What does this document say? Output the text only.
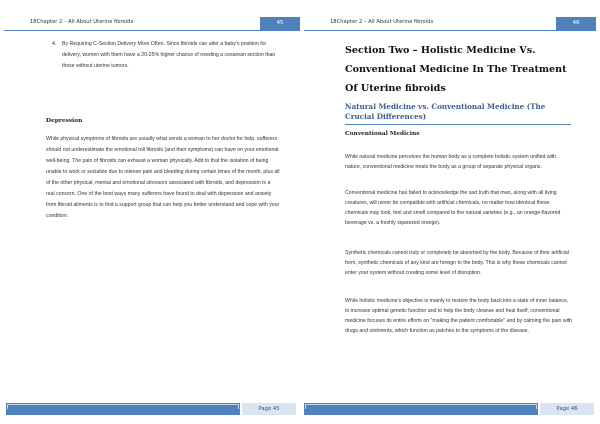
18Chapter 2 – All About Uterine fibroids	45
4. By Requiring C-Section Delivery More Often. Since fibroids can alter a baby's position for delivery, women with them have a 20-25% higher chance of needing a cesarean section than those without uterine tumors.
Depression
While physical symptoms of fibroids are usually what sends a woman to her doctor for help, sufferers should not underestimate the emotional toll fibroids (and their symptoms) can have on your emotional well-being. The pain of fibroids can exhaust a woman physically. Add to that the isolation of being unable to work or socialize due to intense pain and bleeding during certain times of the month, plus all of the other physical, mental and emotional stressors associated with fibroids, and depression is a real concern. One of the best ways many sufferers have found to deal with depression and anxiety from fibroid ailments is to find a support group that can help you better understand and cope with your condition.
Page 45
18Chapter 2 – All About Uterine fibroids	46
Page 46
Section Two – Holistic Medicine Vs. Conventional Medicine In The Treatment Of Uterine fibroids
Natural Medicine vs. Conventional Medicine (The Crucial Differences)
Conventional Medicine
While natural medicine perceives the human body as a complete holistic system unified with nature, conventional medicine treats the body as a group of separate physical organs.
Conventional medicine has failed to acknowledge the sad truth that man, along with all living creatures, will never be compatible with artificial chemicals, no matter how identical these chemicals may look, feel and smell compared to the natural varieties (e.g., an orange-flavored beverage vs. a freshly squeezed orange).
Synthetic chemicals cannot truly or completely be absorbed by the body. Because of their artificial form, synthetic chemicals of any kind are foreign to the body. This is why these chemicals cannot enter your system without creating some level of disruption.
While holistic medicine's objective is mainly to restore the body back into a state of inner balance, to increase optimal genetic function and to help the body cleanse and heal itself, conventional medicine focuses its entire efforts on "making the patient comfortable" and by calming the pain with drugs and ointments, which function as patches to the symptoms of the disease.
